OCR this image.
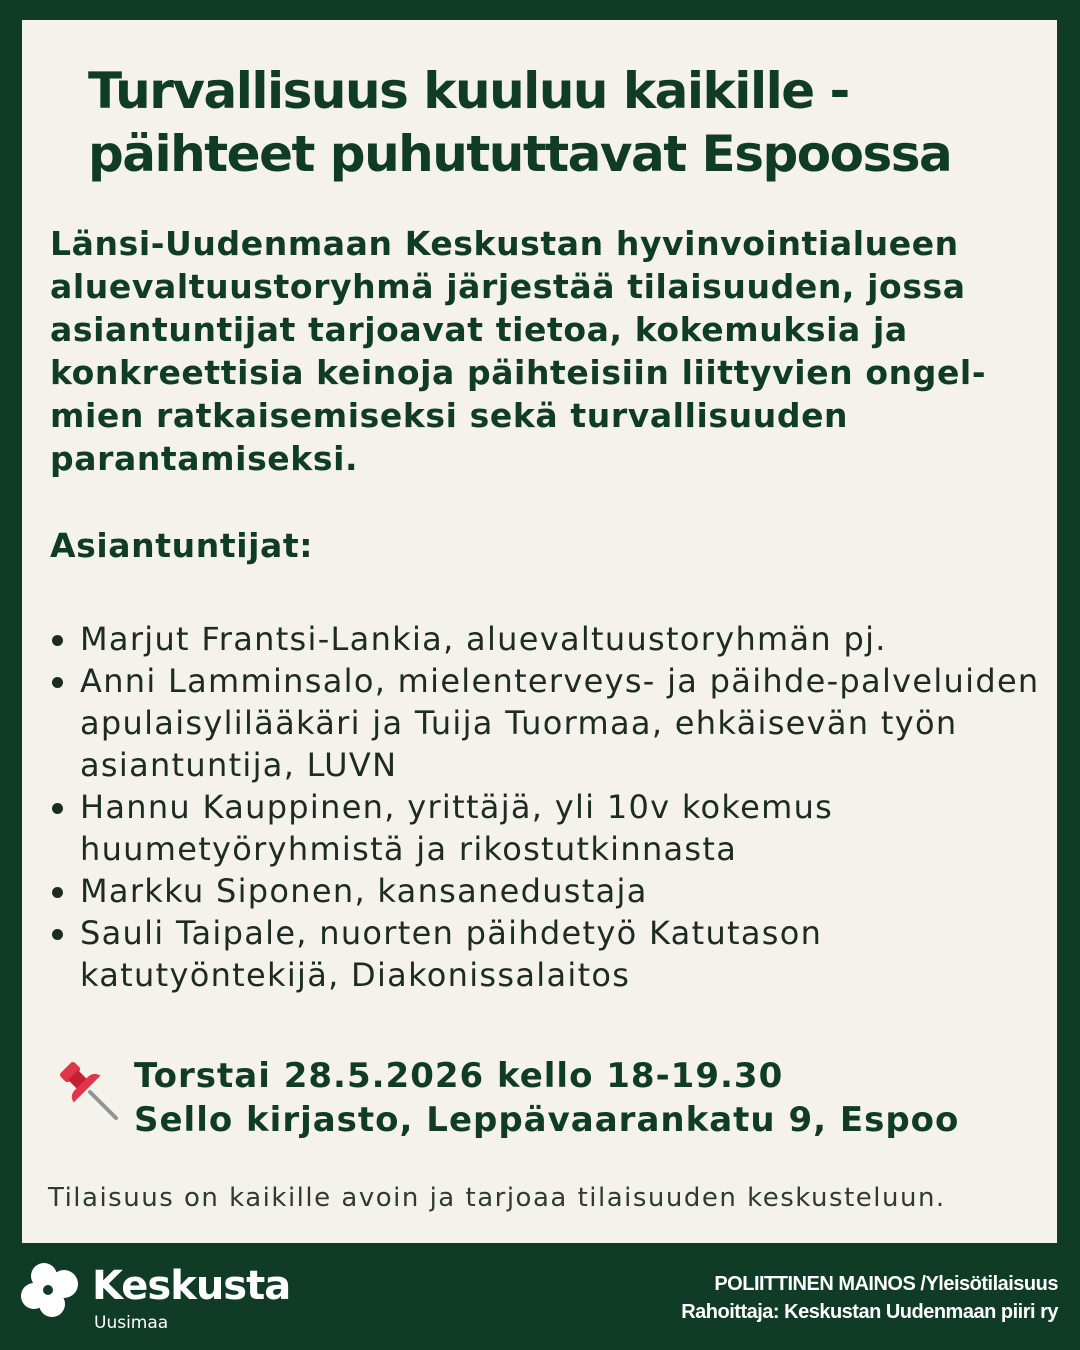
Turvallisuus kuuluu kaikille -
päihteet puhututtavat Espoossa

Länsi-Uudenmaan Keskustan hyvinvointialueen aluevaltuustoryhmä järjestää tilaisuuden, jossa asiantuntijat tarjoavat tietoa, kokemuksia ja konkreettisia keinoja päihteisiin liittyvien ongel-mien ratkaisemiseksi sekä turvallisuuden parantamiseksi.

Asiantuntijat:
Marjut Frantsi-Lankia, aluevaltuustoryhmän pj.
Anni Lamminsalo, mielenterveys- ja päihde-palveluiden apulaisylilääkäri ja Tuija Tuormaa, ehkäisevän työn asiantuntija, LUVN
Hannu Kauppinen, yrittäjä, yli 10v kokemus huumetyöryhmistä ja rikostutkinnasta
Markku Siponen, kansanedustaja
Sauli Taipale, nuorten päihdetyö Katutason katutyöntekijä, Diakonissalaitos

Torstai 28.5.2026 kello 18-19.30
Sello kirjasto, Leppävaarankatu 9, Espoo

Tilaisuus on kaikille avoin ja tarjoaa tilaisuuden keskusteluun.

Keskusta

Uusimaa

POLIITTINEN MAINOS /Yleisötilaisuus
Rahoittaja: Keskustan Uudenmaan piiri ry
